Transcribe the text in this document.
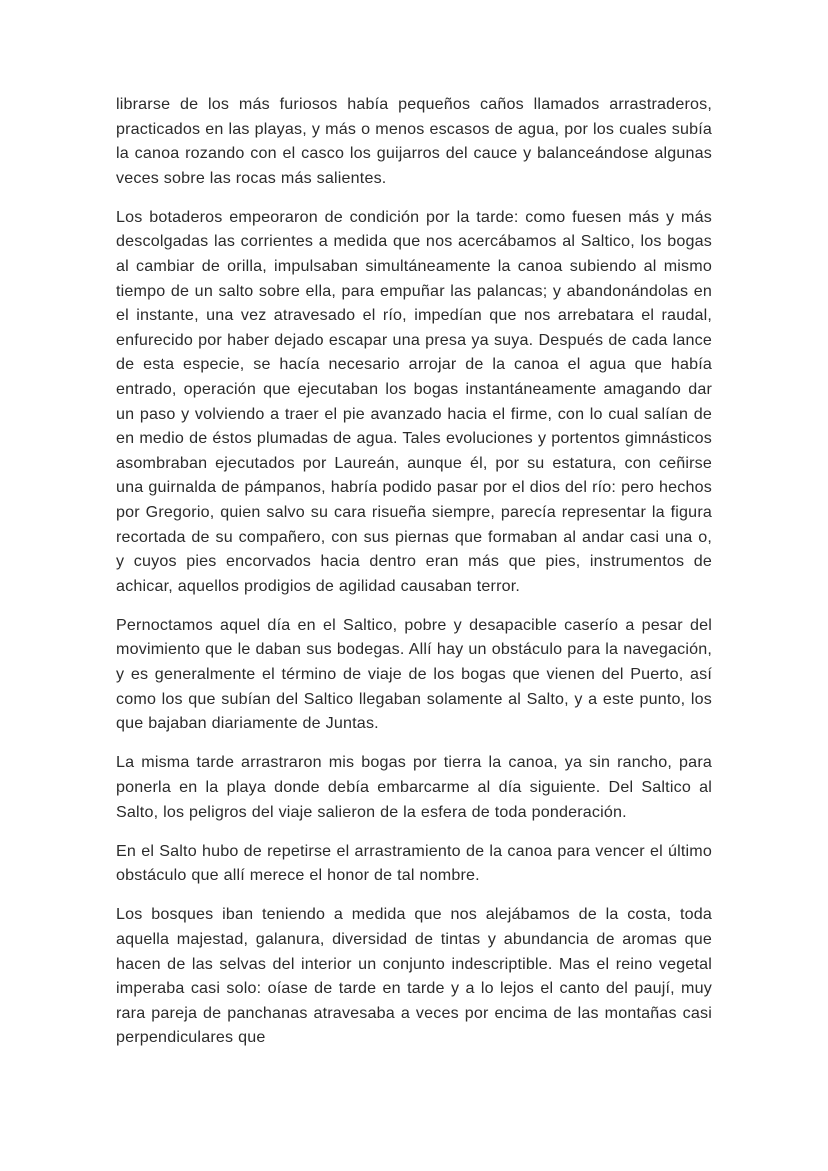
librarse de los más furiosos había pequeños caños llamados arrastraderos, practicados en las playas, y más o menos escasos de agua, por los cuales subía la canoa rozando con el casco los guijarros del cauce y balanceándose algunas veces sobre las rocas más salientes.

Los botaderos empeoraron de condición por la tarde: como fuesen más y más descolgadas las corrientes a medida que nos acercábamos al Saltico, los bogas al cambiar de orilla, impulsaban simultáneamente la canoa subiendo al mismo tiempo de un salto sobre ella, para empuñar las palancas; y abandonándolas en el instante, una vez atravesado el río, impedían que nos arrebatara el raudal, enfurecido por haber dejado escapar una presa ya suya. Después de cada lance de esta especie, se hacía necesario arrojar de la canoa el agua que había entrado, operación que ejecutaban los bogas instantáneamente amagando dar un paso y volviendo a traer el pie avanzado hacia el firme, con lo cual salían de en medio de éstos plumadas de agua. Tales evoluciones y portentos gimnásticos asombraban ejecutados por Laureán, aunque él, por su estatura, con ceñirse una guirnalda de pámpanos, habría podido pasar por el dios del río: pero hechos por Gregorio, quien salvo su cara risueña siempre, parecía representar la figura recortada de su compañero, con sus piernas que formaban al andar casi una o, y cuyos pies encorvados hacia dentro eran más que pies, instrumentos de achicar, aquellos prodigios de agilidad causaban terror.

Pernoctamos aquel día en el Saltico, pobre y desapacible caserío a pesar del movimiento que le daban sus bodegas. Allí hay un obstáculo para la navegación, y es generalmente el término de viaje de los bogas que vienen del Puerto, así como los que subían del Saltico llegaban solamente al Salto, y a este punto, los que bajaban diariamente de Juntas.

La misma tarde arrastraron mis bogas por tierra la canoa, ya sin rancho, para ponerla en la playa donde debía embarcarme al día siguiente. Del Saltico al Salto, los peligros del viaje salieron de la esfera de toda ponderación.

En el Salto hubo de repetirse el arrastramiento de la canoa para vencer el último obstáculo que allí merece el honor de tal nombre.

Los bosques iban teniendo a medida que nos alejábamos de la costa, toda aquella majestad, galanura, diversidad de tintas y abundancia de aromas que hacen de las selvas del interior un conjunto indescriptible. Mas el reino vegetal imperaba casi solo: oíase de tarde en tarde y a lo lejos el canto del paují, muy rara pareja de panchanas atravesaba a veces por encima de las montañas casi perpendiculares que
